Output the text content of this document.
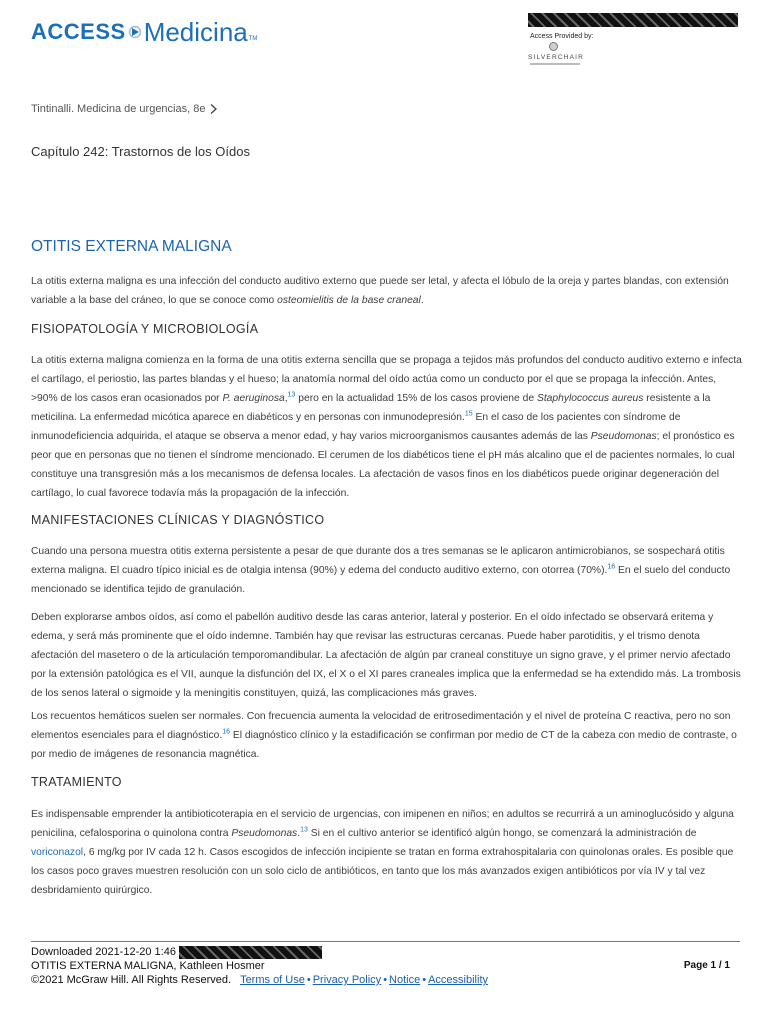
ACCESS Medicina TM	Access Provided by:
SILVERCHAIR
Tintinalli. Medicina de urgencias, 8e
Capítulo 242: Trastornos de los Oídos
OTITIS EXTERNA MALIGNA

La otitis externa maligna es una infección del conducto auditivo externo que puede ser letal, y afecta el lóbulo de la oreja y partes blandas, con extensión variable a la base del cráneo, lo que se conoce como osteomielitis de la base craneal.

FISIOPATOLOGÍA Y MICROBIOLOGÍA

La otitis externa maligna comienza en la forma de una otitis externa sencilla que se propaga a tejidos más profundos del conducto auditivo externo e infecta el cartílago, el periostio, las partes blandas y el hueso; la anatomía normal del oído actúa como un conducto por el que se propaga la infección. Antes, >90% de los casos eran ocasionados por P. aeruginosa,$^{13}$ pero en la actualidad 15% de los casos proviene de Staphylococcus aureus resistente a la meticilina. La enfermedad micótica aparece en diabéticos y en personas con inmunodepresión.$^{15}$ En el caso de los pacientes con síndrome de inmunodeficiencia adquirida, el ataque se observa a menor edad, y hay varios microorganismos causantes además de las Pseudomonas; el pronóstico es peor que en personas que no tienen el síndrome mencionado. El cerumen de los diabéticos tiene el pH más alcalino que el de pacientes normales, lo cual constituye una transgresión más a los mecanismos de defensa locales. La afectación de vasos finos en los diabéticos puede originar degeneración del cartílago, lo cual favorece todavía más la propagación de la infección.

MANIFESTACIONES CLÍNICAS Y DIAGNÓSTICO

Cuando una persona muestra otitis externa persistente a pesar de que durante dos a tres semanas se le aplicaron antimicrobianos, se sospechará otitis externa maligna. El cuadro típico inicial es de otalgia intensa (90%) y edema del conducto auditivo externo, con otorrea (70%).$^{16}$ En el suelo del conducto mencionado se identifica tejido de granulación.

Deben explorarse ambos oídos, así como el pabellón auditivo desde las caras anterior, lateral y posterior. En el oído infectado se observará eritema y edema, y será más prominente que el oído indemne. También hay que revisar las estructuras cercanas. Puede haber parotiditis, y el trismo denota afectación del masetero o de la articulación temporomandibular. La afectación de algún par craneal constituye un signo grave, y el primer nervio afectado por la extensión patológica es el VII, aunque la disfunción del IX, el X o el XI pares craneales implica que la enfermedad se ha extendido más. La trombosis de los senos lateral o sigmoide y la meningitis constituyen, quizá, las complicaciones más graves.

Los recuentos hemáticos suelen ser normales. Con frecuencia aumenta la velocidad de eritrosedimentación y el nivel de proteína C reactiva, pero no son elementos esenciales para el diagnóstico.$^{16}$ El diagnóstico clínico y la estadificación se confirman por medio de CT de la cabeza con medio de contraste, o por medio de imágenes de resonancia magnética.

TRATAMIENTO

Es indispensable emprender la antibioticoterapia en el servicio de urgencias, con imipenen en niños; en adultos se recurrirá a un aminoglucósido y alguna penicilina, cefalosporina o quinolona contra Pseudomonas.$^{13}$ Si en el cultivo anterior se identificó algún hongo, se comenzará la administración de voriconazol, 6 mg/kg por IV cada 12 h. Casos escogidos de infección incipiente se tratan en forma extrahospitalaria con quinolonas orales. Es posible que los casos poco graves muestren resolución con un solo ciclo de antibióticos, en tanto que los más avanzados exigen antibióticos por vía IV y tal vez desbridamiento quirúrgico.

Downloaded 2021-12-20 1:46
OTITIS EXTERNA MALIGNA, Kathleen Hosmer
©2021 McGraw Hill. All Rights Reserved. Terms of Use • Privacy Policy • Notice • Accessibility
Page 1 / 1
